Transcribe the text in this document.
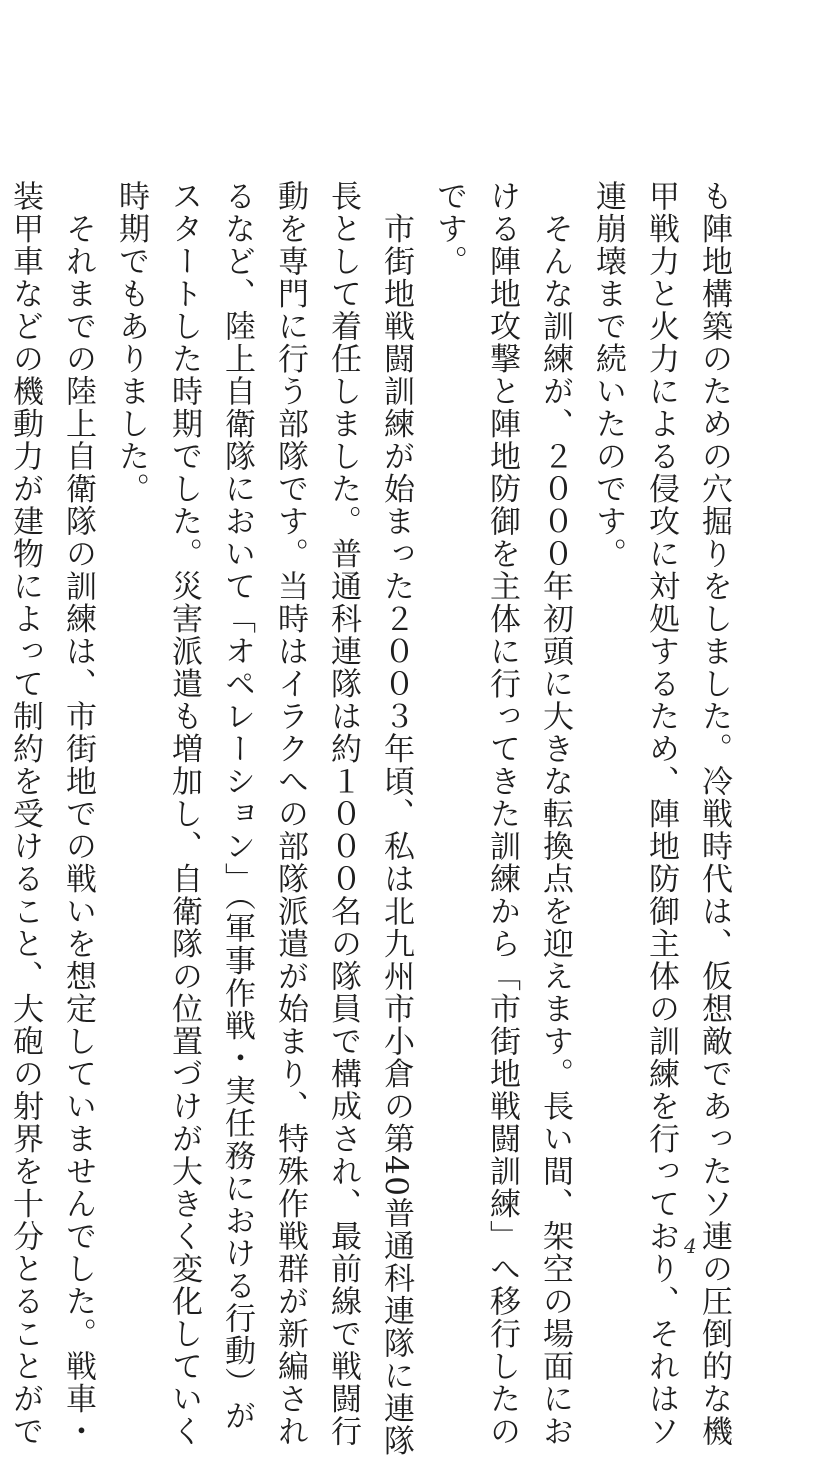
も陣地構築のための穴掘りをしました。冷戦時代は、仮想敵であったソ連の圧倒的な機
甲戦力と火力による侵攻に対処するため、陣地防御主体の訓練を行っており、それはソ
連崩壊まで続いたのです。
　そんな訓練が、２０００年初頭に大きな転換点を迎えます。長い間、架空の場面にお
ける陣地攻撃と陣地防御を主体に行ってきた訓練から「市街地戦闘訓練」へ移行したの
です。
　市街地戦闘訓練が始まった２００３年頃、私は北九州市小倉の第40普通科連隊に連隊
長として着任しました。普通科連隊は約１０００名の隊員で構成され、最前線で戦闘行
動を専門に行う部隊です。当時はイラクへの部隊派遣が始まり、特殊作戦群が新編され
るなど、陸上自衛隊において「オペレーション」（軍事作戦・実任務における行動）が
スタートした時期でした。災害派遣も増加し、自衛隊の位置づけが大きく変化していく
時期でもありました。
　それまでの陸上自衛隊の訓練は、市街地での戦いを想定していませんでした。戦車・
装甲車などの機動力が建物によって制約を受けること、大砲の射界を十分とることがで	4
